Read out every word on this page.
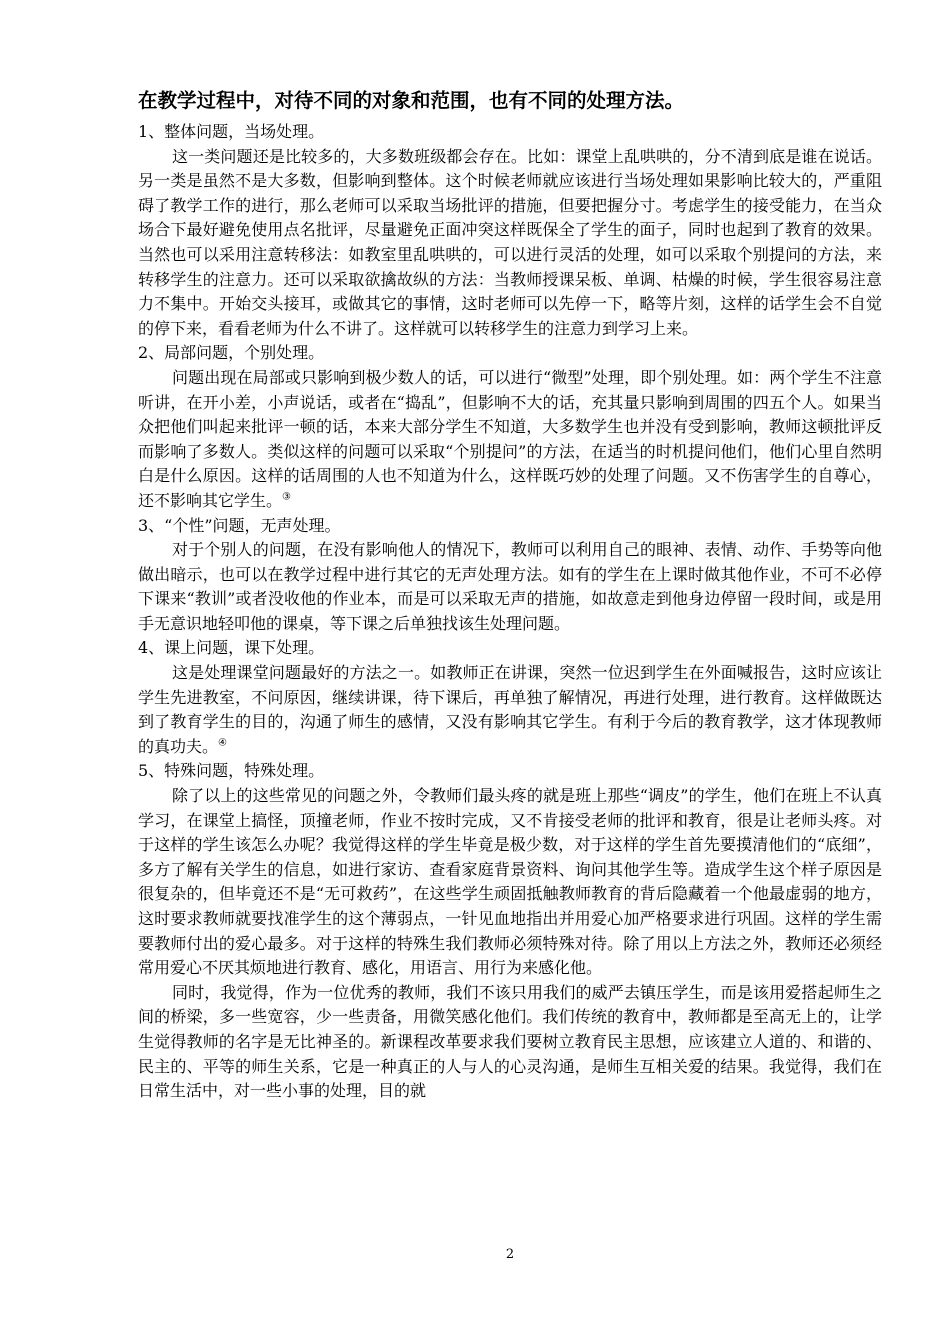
在教学过程中，对待不同的对象和范围，也有不同的处理方法。

1、整体问题，当场处理。

这一类问题还是比较多的，大多数班级都会存在。比如：课堂上乱哄哄的，分不清到底是谁在说话。另一类是虽然不是大多数，但影响到整体。这个时候老师就应该进行当场处理如果影响比较大的，严重阻碍了教学工作的进行，那么老师可以采取当场批评的措施，但要把握分寸。考虑学生的接受能力，在当众场合下最好避免使用点名批评，尽量避免正面冲突这样既保全了学生的面子，同时也起到了教育的效果。当然也可以采用注意转移法：如教室里乱哄哄的，可以进行灵活的处理，如可以采取个别提问的方法，来转移学生的注意力。还可以采取欲擒故纵的方法：当教师授课呆板、单调、枯燥的时候，学生很容易注意力不集中。开始交头接耳，或做其它的事情，这时老师可以先停一下，略等片刻，这样的话学生会不自觉的停下来，看看老师为什么不讲了。这样就可以转移学生的注意力到学习上来。

2、局部问题，个别处理。

问题出现在局部或只影响到极少数人的话，可以进行“微型”处理，即个别处理。如：两个学生不注意听讲，在开小差，小声说话，或者在“捣乱”，但影响不大的话，充其量只影响到周围的四五个人。如果当众把他们叫起来批评一顿的话，本来大部分学生不知道，大多数学生也并没有受到影响，教师这顿批评反而影响了多数人。类似这样的问题可以采取“个别提问”的方法，在适当的时机提问他们，他们心里自然明白是什么原因。这样的话周围的人也不知道为什么，这样既巧妙的处理了问题。又不伤害学生的自尊心，还不影响其它学生。③

3、“个性”问题，无声处理。

对于个别人的问题，在没有影响他人的情况下，教师可以利用自己的眼神、表情、动作、手势等向他做出暗示，也可以在教学过程中进行其它的无声处理方法。如有的学生在上课时做其他作业，不可不必停下课来“教训”或者没收他的作业本，而是可以采取无声的措施，如故意走到他身边停留一段时间，或是用手无意识地轻叩他的课桌，等下课之后单独找该生处理问题。

4、课上问题，课下处理。

这是处理课堂问题最好的方法之一。如教师正在讲课，突然一位迟到学生在外面喊报告，这时应该让学生先进教室，不问原因，继续讲课，待下课后，再单独了解情况，再进行处理，进行教育。这样做既达到了教育学生的目的，沟通了师生的感情，又没有影响其它学生。有利于今后的教育教学，这才体现教师的真功夫。④

5、特殊问题，特殊处理。

除了以上的这些常见的问题之外，令教师们最头疼的就是班上那些“调皮”的学生，他们在班上不认真学习，在课堂上搞怪，顶撞老师，作业不按时完成，又不肯接受老师的批评和教育，很是让老师头疼。对于这样的学生该怎么办呢？我觉得这样的学生毕竟是极少数，对于这样的学生首先要摸清他们的“底细”，多方了解有关学生的信息，如进行家访、查看家庭背景资料、询问其他学生等。造成学生这个样子原因是很复杂的，但毕竟还不是“无可救药”，在这些学生顽固抵触教师教育的背后隐藏着一个他最虚弱的地方，这时要求教师就要找准学生的这个薄弱点，一针见血地指出并用爱心加严格要求进行巩固。这样的学生需要教师付出的爱心最多。对于这样的特殊生我们教师必须特殊对待。除了用以上方法之外，教师还必须经常用爱心不厌其烦地进行教育、感化，用语言、用行为来感化他。

同时，我觉得，作为一位优秀的教师，我们不该只用我们的威严去镇压学生，而是该用爱搭起师生之间的桥梁，多一些宽容，少一些责备，用微笑感化他们。我们传统的教育中，教师都是至高无上的，让学生觉得教师的名字是无比神圣的。新课程改革要求我们要树立教育民主思想，应该建立人道的、和谐的、民主的、平等的师生关系，它是一种真正的人与人的心灵沟通，是师生互相关爱的结果。我觉得，我们在日常生活中，对一些小事的处理，目的就

2
